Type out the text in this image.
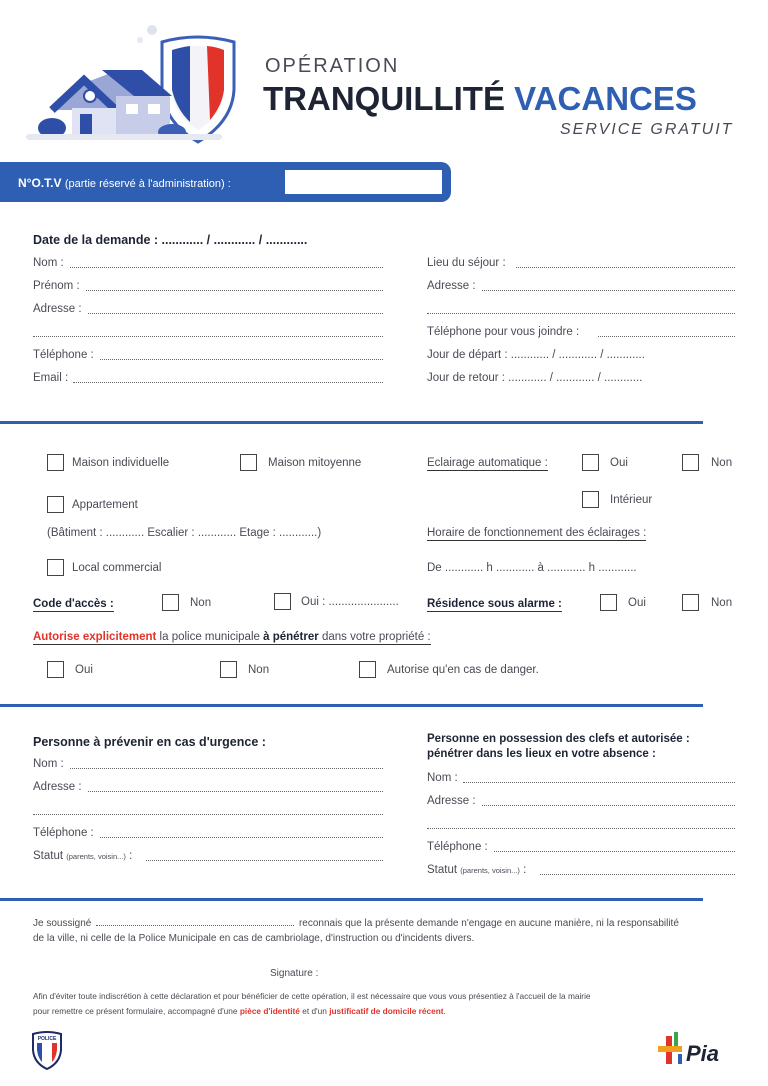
OPÉRATION
TRANQUILLITÉ VACANCES
SERVICE GRATUIT
N°O.T.V (partie réservé à l'administration) :
Date de la demande : ............ / ............ / ............
Nom :
Prénom :
Adresse :
Téléphone :
Email :
Lieu du séjour :
Adresse :
Téléphone pour vous joindre :
Jour de départ : ............ / ............ / ............
Jour de retour : ............ / ............ / ............
Maison individuelle	Maison mitoyenne	Eclairage automatique :	Oui	Non
Appartement	Intérieur
(Bâtiment : ............ Escalier : ............ Etage : ............)	Horaire de fonctionnement des éclairages :
Local commercial	De ............ h ............ à ............ h ............
Code d'accès :	Non	Oui : ...................... Résidence sous alarme :	Oui	Non
Autorise explicitement la police municipale à pénétrer dans votre propriété :
Oui	Non	Autorise qu'en cas de danger.
Personne à prévenir en cas d'urgence :
Nom :
Adresse :
Téléphone :
Statut (parents, voisin...) :
Personne en possession des clefs et autorisée :
pénétrer dans les lieux en votre absence :
Nom :
Adresse :
Téléphone :
Statut (parents, voisin...) :
Je soussigné	reconnais que la présente demande n'engage en aucune manière, ni la responsabilité
de la ville, ni celle de la Police Municipale en cas de cambriolage, d'instruction ou d'incidents divers.
Signature :
Afin d'éviter toute indiscrétion à cette déclaration et pour bénéficier de cette opération, il est nécessaire que vous vous présentiez à l'accueil de la mairie
pour remettre ce présent formulaire, accompagné d'une pièce d'identité et d'un justificatif de domicile récent.
POLICE
Pia
